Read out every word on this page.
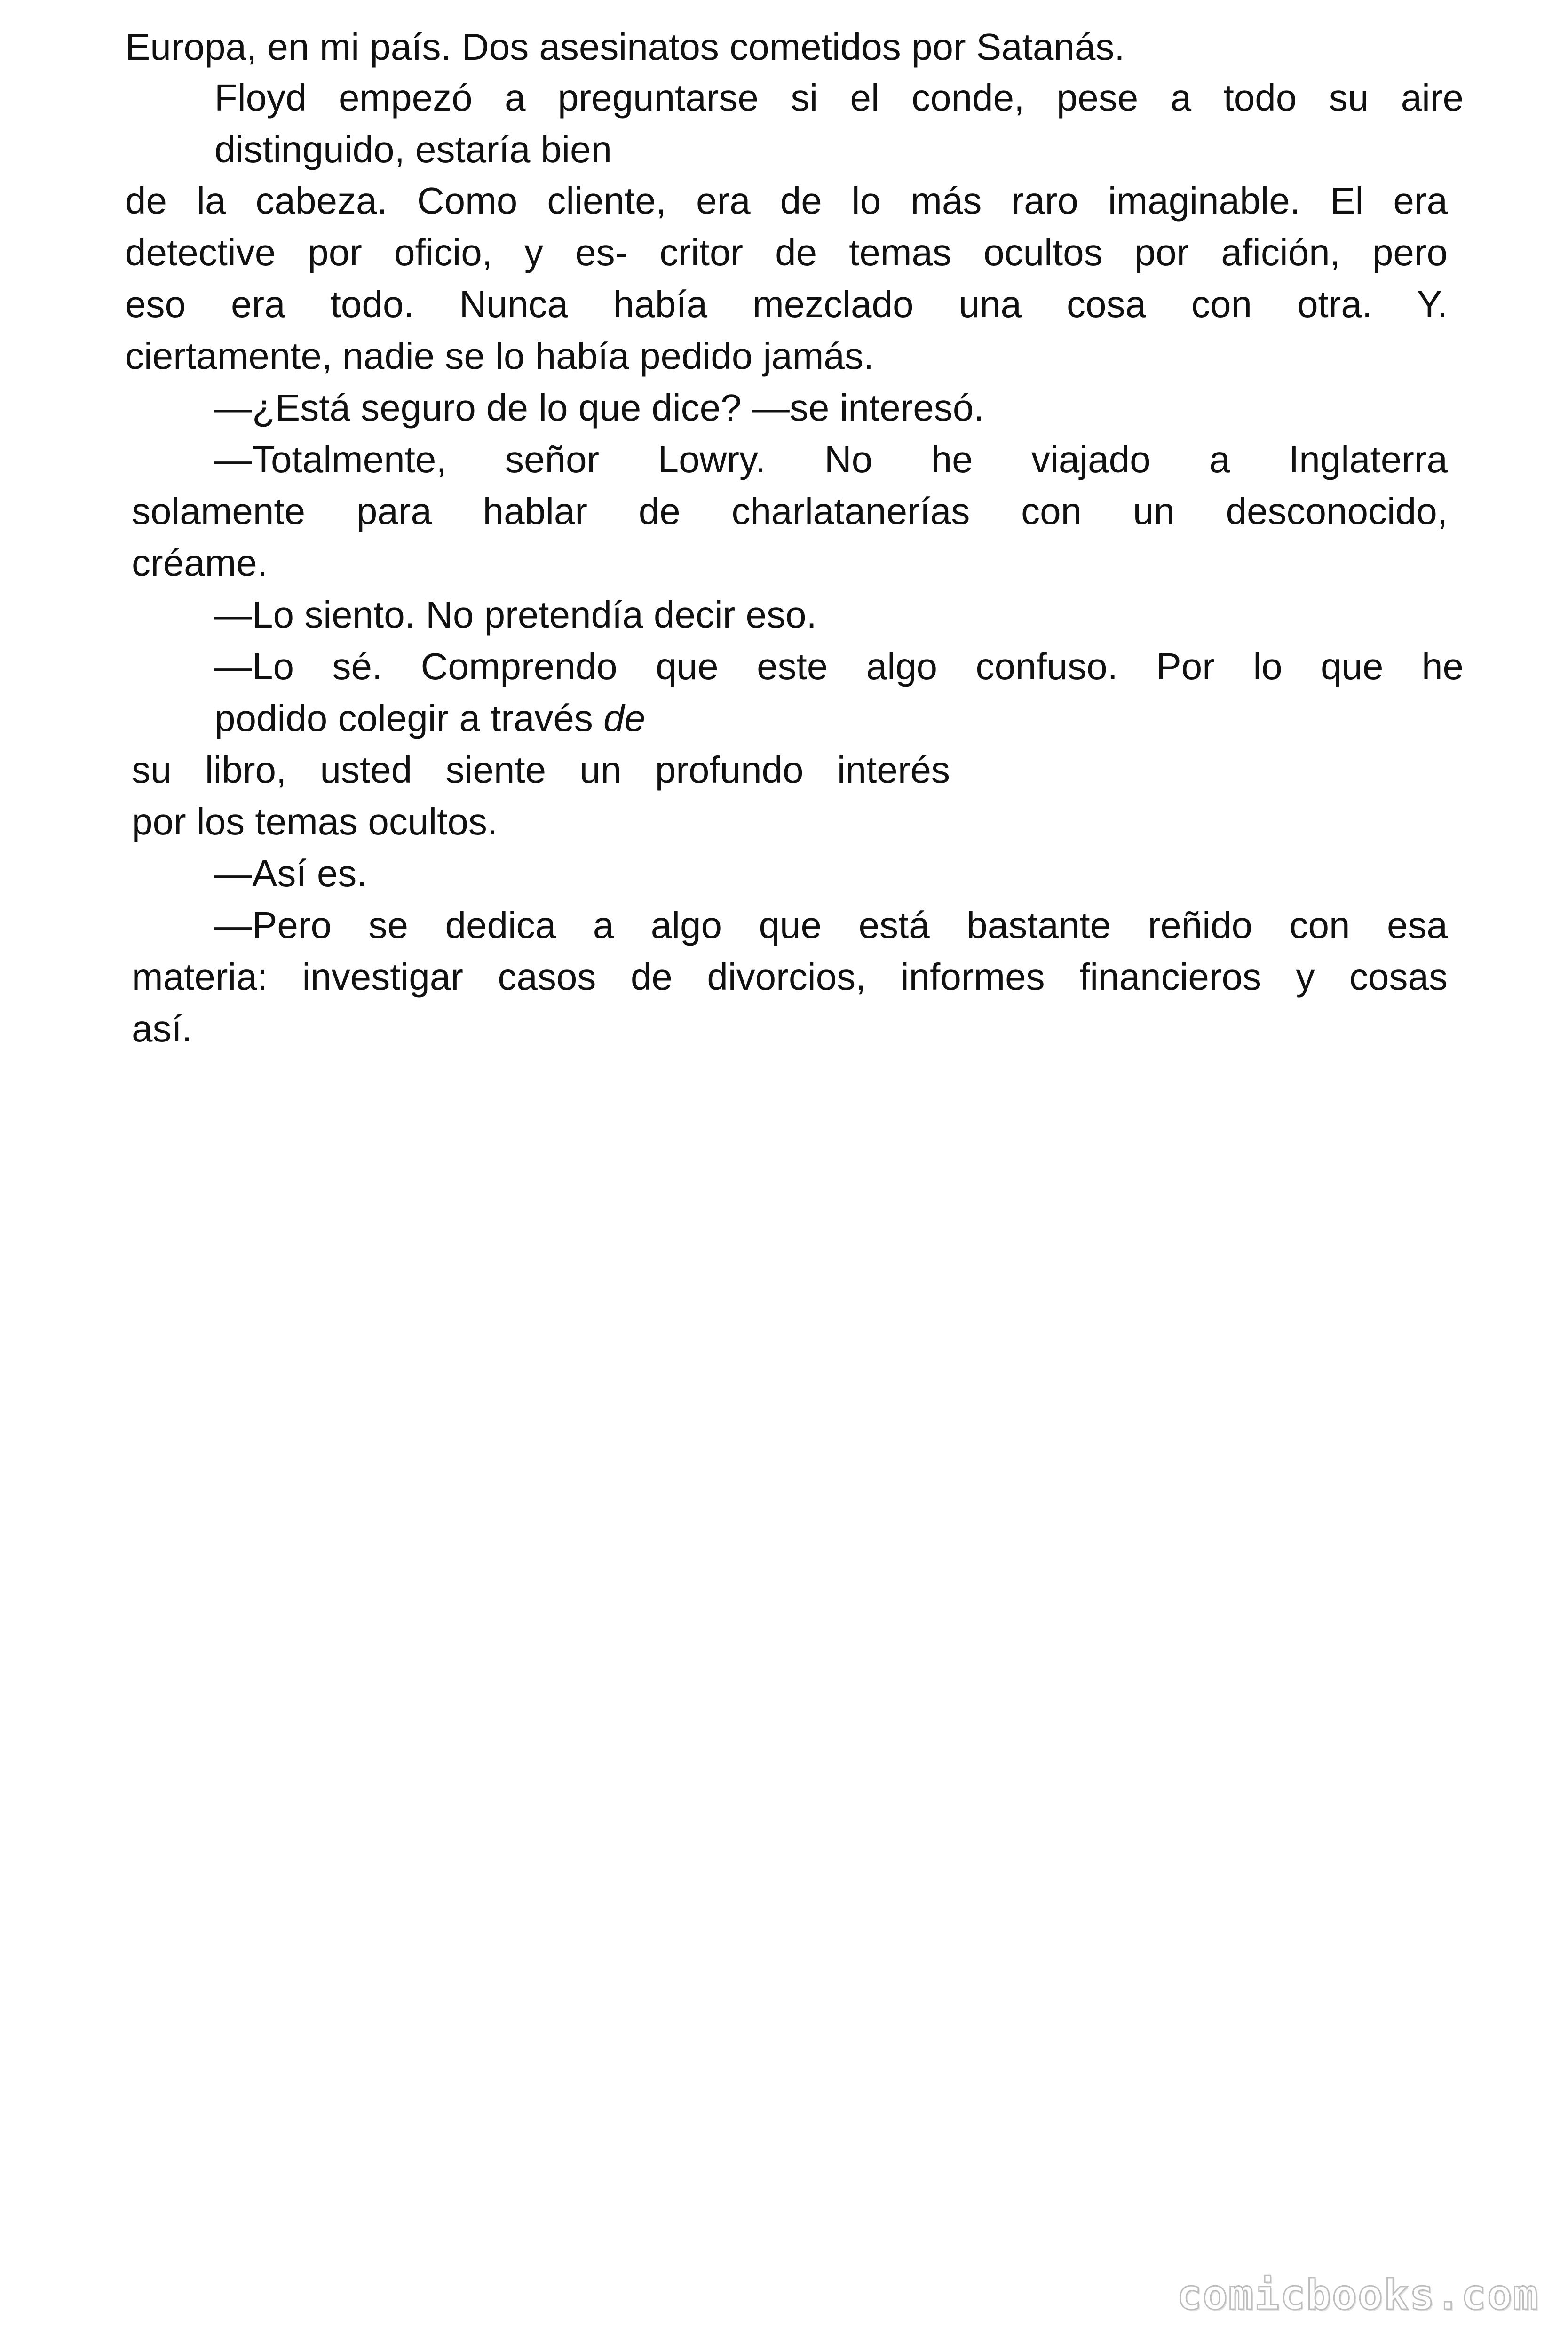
Europa, en mi país. Dos asesinatos cometidos por Satanás.

Floyd empezó a preguntarse si el conde, pese a todo su aire

distinguido, estaría bien

de la cabeza. Como cliente, era de lo más raro imaginable. El era

detective por oficio, y es- critor de temas ocultos por afición, pero

eso era todo. Nunca había mezclado una cosa con otra. Y.

ciertamente, nadie se lo había pedido jamás.

—¿Está seguro de lo que dice? —se interesó.

—Totalmente, señor Lowry. No he viajado a Inglaterra

solamente para hablar de charlatanerías con un desconocido,

créame.

—Lo siento. No pretendía decir eso.

—Lo sé. Comprendo que este algo confuso. Por lo que he

podido colegir a través de

su libro, usted siente un profundo interés

por los temas ocultos.

—Así es.

—Pero se dedica a algo que está bastante reñido con esa

materia: investigar casos de divorcios, informes financieros y cosas

así.

comicbooks.com
